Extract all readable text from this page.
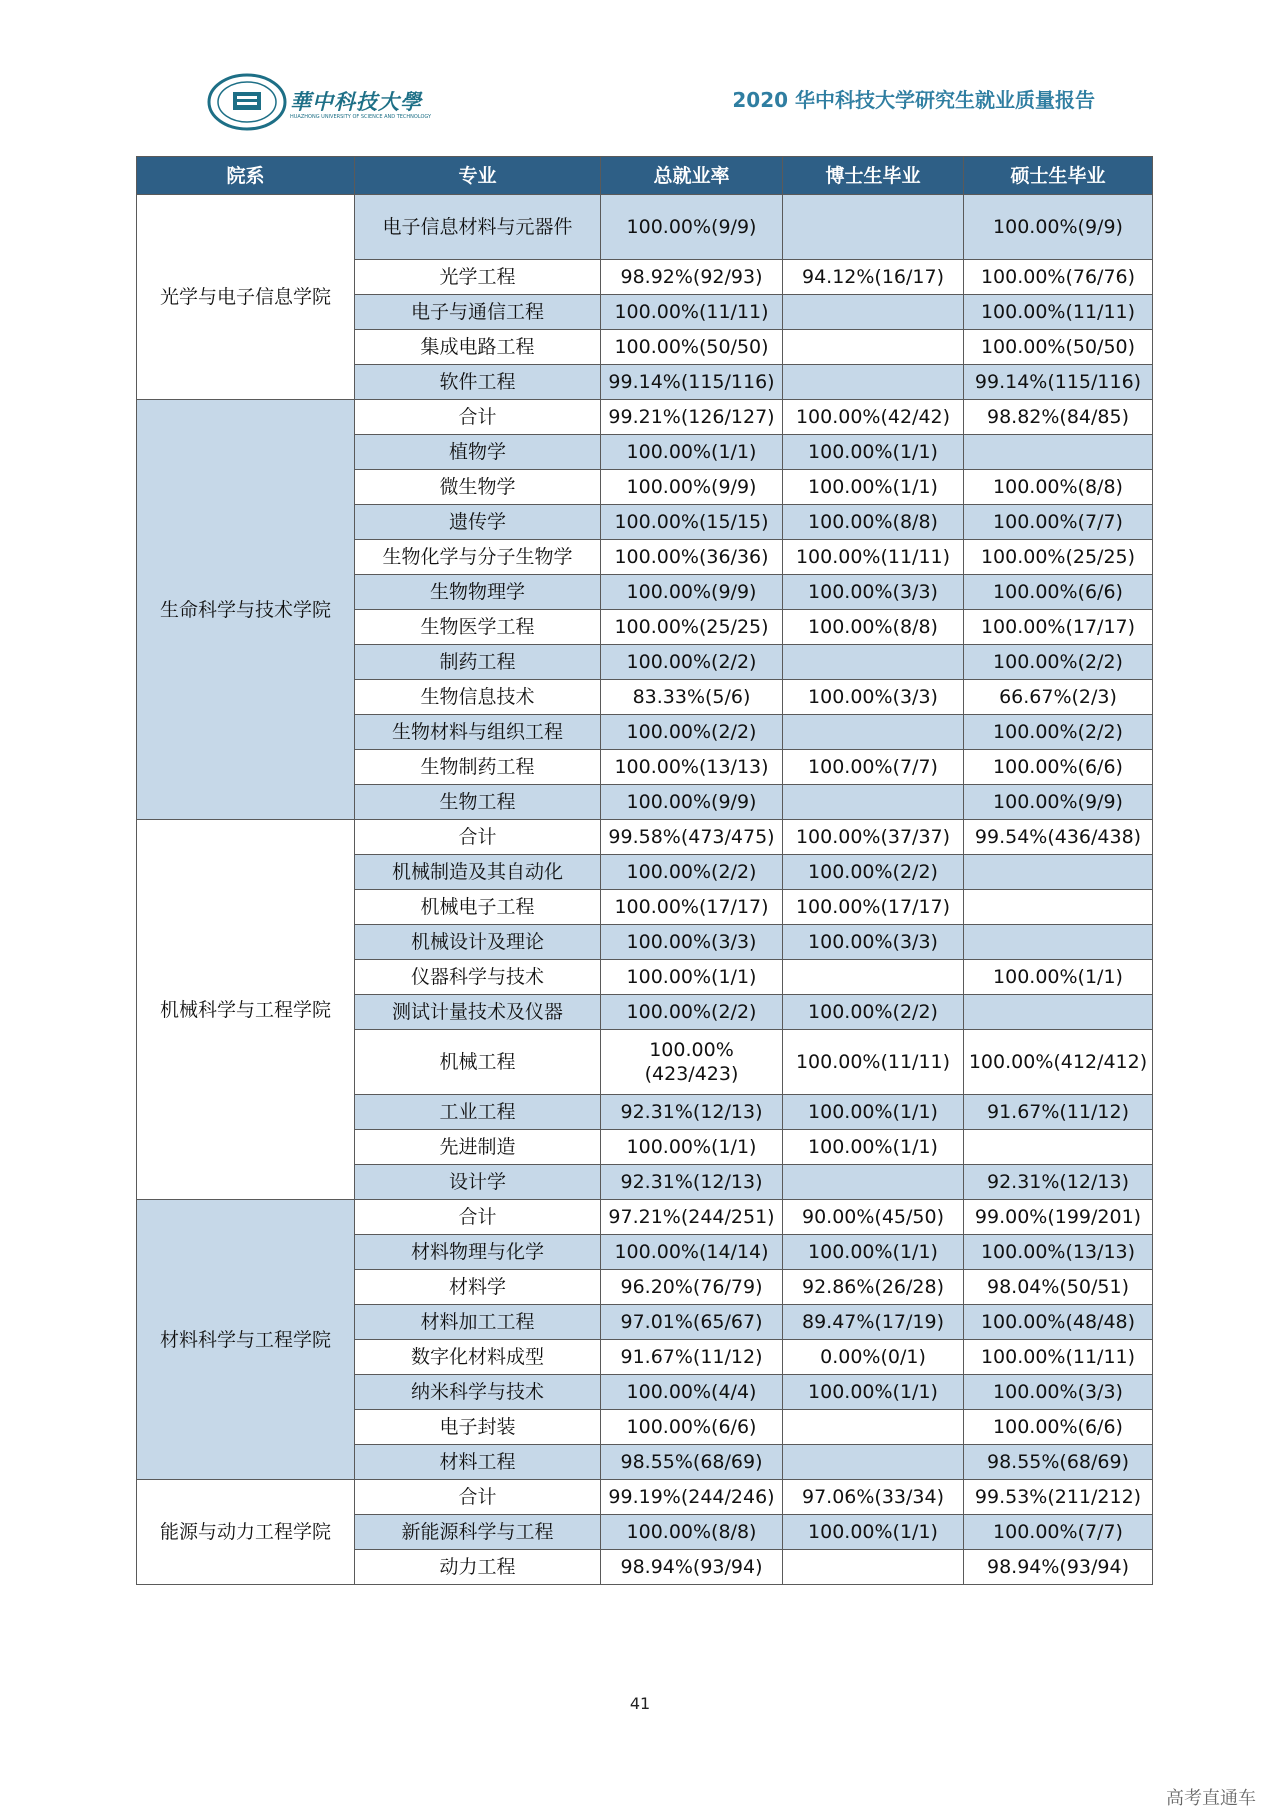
華中科技大學
HUAZHONG UNIVERSITY OF SCIENCE AND TECHNOLOGY
2020 华中科技大学研究生就业质量报告
院系	专业	总就业率	博士生毕业	硕士生毕业
光学与电子信息学院	电子信息材料与元器件	100.00%(9/9)		100.00%(9/9)
	光学工程	98.92%(92/93)	94.12%(16/17)	100.00%(76/76)
	电子与通信工程	100.00%(11/11)		100.00%(11/11)
	集成电路工程	100.00%(50/50)		100.00%(50/50)
	软件工程	99.14%(115/116)		99.14%(115/116)
生命科学与技术学院	合计	99.21%(126/127)	100.00%(42/42)	98.82%(84/85)
	植物学	100.00%(1/1)	100.00%(1/1)	
	微生物学	100.00%(9/9)	100.00%(1/1)	100.00%(8/8)
	遗传学	100.00%(15/15)	100.00%(8/8)	100.00%(7/7)
	生物化学与分子生物学	100.00%(36/36)	100.00%(11/11)	100.00%(25/25)
	生物物理学	100.00%(9/9)	100.00%(3/3)	100.00%(6/6)
	生物医学工程	100.00%(25/25)	100.00%(8/8)	100.00%(17/17)
	制药工程	100.00%(2/2)		100.00%(2/2)
	生物信息技术	83.33%(5/6)	100.00%(3/3)	66.67%(2/3)
	生物材料与组织工程	100.00%(2/2)		100.00%(2/2)
	生物制药工程	100.00%(13/13)	100.00%(7/7)	100.00%(6/6)
	生物工程	100.00%(9/9)		100.00%(9/9)
机械科学与工程学院	合计	99.58%(473/475)	100.00%(37/37)	99.54%(436/438)
	机械制造及其自动化	100.00%(2/2)	100.00%(2/2)	
	机械电子工程	100.00%(17/17)	100.00%(17/17)	
	机械设计及理论	100.00%(3/3)	100.00%(3/3)	
	仪器科学与技术	100.00%(1/1)		100.00%(1/1)
	测试计量技术及仪器	100.00%(2/2)	100.00%(2/2)	
	机械工程	100.00%(423/423)	100.00%(11/11)	100.00%(412/412)
	工业工程	92.31%(12/13)	100.00%(1/1)	91.67%(11/12)
	先进制造	100.00%(1/1)	100.00%(1/1)	
	设计学	92.31%(12/13)		92.31%(12/13)
材料科学与工程学院	合计	97.21%(244/251)	90.00%(45/50)	99.00%(199/201)
	材料物理与化学	100.00%(14/14)	100.00%(1/1)	100.00%(13/13)
	材料学	96.20%(76/79)	92.86%(26/28)	98.04%(50/51)
	材料加工工程	97.01%(65/67)	89.47%(17/19)	100.00%(48/48)
	数字化材料成型	91.67%(11/12)	0.00%(0/1)	100.00%(11/11)
	纳米科学与技术	100.00%(4/4)	100.00%(1/1)	100.00%(3/3)
	电子封装	100.00%(6/6)		100.00%(6/6)
	材料工程	98.55%(68/69)		98.55%(68/69)
能源与动力工程学院	合计	99.19%(244/246)	97.06%(33/34)	99.53%(211/212)
	新能源科学与工程	100.00%(8/8)	100.00%(1/1)	100.00%(7/7)
	动力工程	98.94%(93/94)		98.94%(93/94)
41
高考直通车
